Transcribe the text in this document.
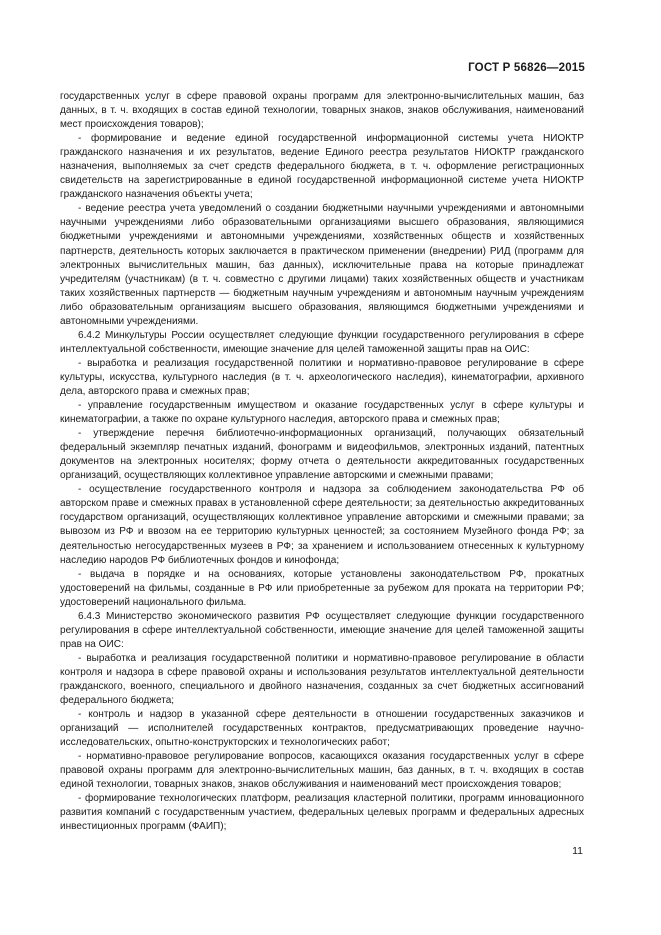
ГОСТ Р 56826—2015

государственных услуг в сфере правовой охраны программ для электронно-вычислительных машин, баз данных, в т. ч. входящих в состав единой технологии, товарных знаков, знаков обслуживания, наименований мест происхождения товаров);

- формирование и ведение единой государственной информационной системы учета НИОКТР гражданского назначения и их результатов, ведение Единого реестра результатов НИОКТР гражданского назначения, выполняемых за счет средств федерального бюджета, в т. ч. оформление регистрационных свидетельств на зарегистрированные в единой государственной информационной системе учета НИОКТР гражданского назначения объекты учета;

- ведение реестра учета уведомлений о создании бюджетными научными учреждениями и автономными научными учреждениями либо образовательными организациями высшего образования, являющимися бюджетными учреждениями и автономными учреждениями, хозяйственных обществ и хозяйственных партнерств, деятельность которых заключается в практическом применении (внедрении) РИД (программ для электронных вычислительных машин, баз данных), исключительные права на которые принадлежат учредителям (участникам) (в т. ч. совместно с другими лицами) таких хозяйственных обществ и участникам таких хозяйственных партнерств — бюджетным научным учреждениям и автономным научным учреждениям либо образовательным организациям высшего образования, являющимся бюджетными учреждениями и автономными учреждениями.

6.4.2 Минкультуры России осуществляет следующие функции государственного регулирования в сфере интеллектуальной собственности, имеющие значение для целей таможенной защиты прав на ОИС:

- выработка и реализация государственной политики и нормативно-правовое регулирование в сфере культуры, искусства, культурного наследия (в т. ч. археологического наследия), кинематографии, архивного дела, авторского права и смежных прав;

- управление государственным имуществом и оказание государственных услуг в сфере культуры и кинематографии, а также по охране культурного наследия, авторского права и смежных прав;

- утверждение перечня библиотечно-информационных организаций, получающих обязательный федеральный экземпляр печатных изданий, фонограмм и видеофильмов, электронных изданий, патентных документов на электронных носителях; форму отчета о деятельности аккредитованных государственных организаций, осуществляющих коллективное управление авторскими и смежными правами;

- осуществление государственного контроля и надзора за соблюдением законодательства РФ об авторском праве и смежных правах в установленной сфере деятельности; за деятельностью аккредитованных государством организаций, осуществляющих коллективное управление авторскими и смежными правами; за вывозом из РФ и ввозом на ее территорию культурных ценностей; за состоянием Музейного фонда РФ; за деятельностью негосударственных музеев в РФ; за хранением и использованием отнесенных к культурному наследию народов РФ библиотечных фондов и кинофонда;

- выдача в порядке и на основаниях, которые установлены законодательством РФ, прокатных удостоверений на фильмы, созданные в РФ или приобретенные за рубежом для проката на территории РФ; удостоверений национального фильма.

6.4.3 Министерство экономического развития РФ осуществляет следующие функции государственного регулирования в сфере интеллектуальной собственности, имеющие значение для целей таможенной защиты прав на ОИС:

- выработка и реализация государственной политики и нормативно-правовое регулирование в области контроля и надзора в сфере правовой охраны и использования результатов интеллектуальной деятельности гражданского, военного, специального и двойного назначения, созданных за счет бюджетных ассигнований федерального бюджета;

- контроль и надзор в указанной сфере деятельности в отношении государственных заказчиков и организаций — исполнителей государственных контрактов, предусматривающих проведение научно-исследовательских, опытно-конструкторских и технологических работ;

- нормативно-правовое регулирование вопросов, касающихся оказания государственных услуг в сфере правовой охраны программ для электронно-вычислительных машин, баз данных, в т. ч. входящих в состав единой технологии, товарных знаков, знаков обслуживания и наименований мест происхождения товаров;

- формирование технологических платформ, реализация кластерной политики, программ инновационного развития компаний с государственным участием, федеральных целевых программ и федеральных адресных инвестиционных программ (ФАИП);

11
